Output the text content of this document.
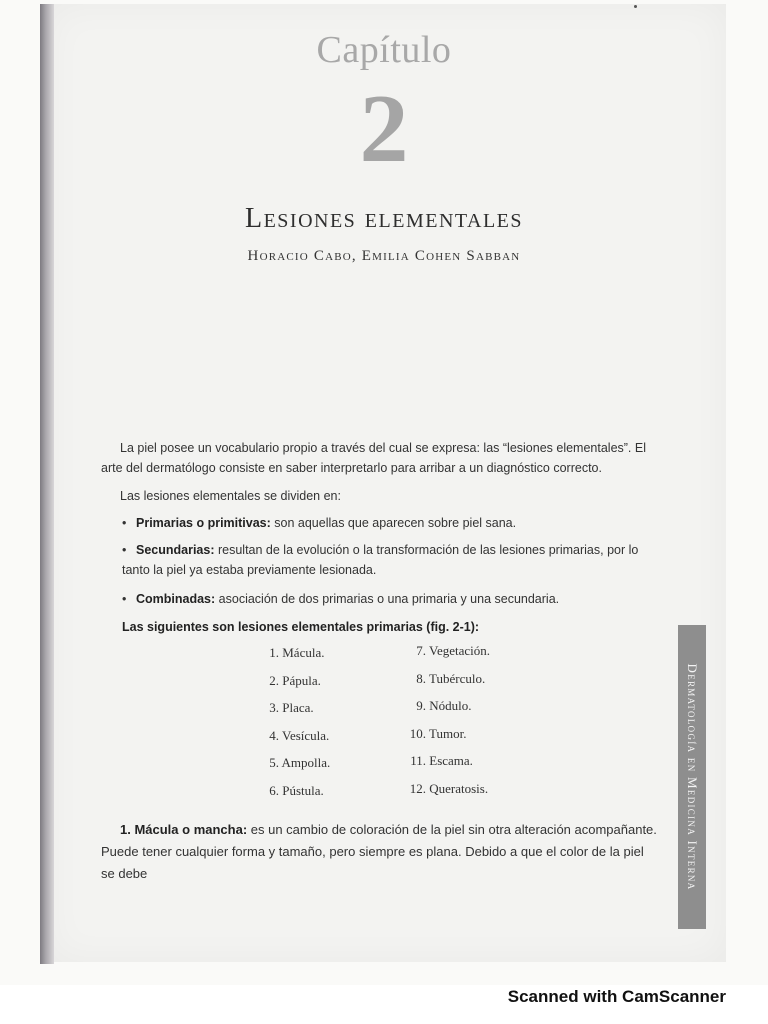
Capítulo
2
Lesiones elementales
Horacio Cabo, Emilia Cohen Sabban
La piel posee un vocabulario propio a través del cual se expresa: las “lesiones elementales”. El arte del dermatólogo consiste en saber interpretarlo para arribar a un diagnóstico correcto.
Las lesiones elementales se dividen en:
• Primarias o primitivas: son aquellas que aparecen sobre piel sana.
• Secundarias: resultan de la evolución o la transformación de las lesiones primarias, por lo tanto la piel ya estaba previamente lesionada.
• Combinadas: asociación de dos primarias o una primaria y una secundaria.
Las siguientes son lesiones elementales primarias (fig. 2-1):
1. Mácula.
2. Pápula.
3. Placa.
4. Vesícula.
5. Ampolla.
6. Pústula.
7. Vegetación.
8. Tubérculo.
9. Nódulo.
10. Tumor.
11. Escama.
12. Queratosis.
1. Mácula o mancha: es un cambio de coloración de la piel sin otra alteración acompañante. Puede tener cualquier forma y tamaño, pero siempre es plana. Debido a que el color de la piel se debe	Dermatología en Medicina Interna
Scanned with CamScanner
